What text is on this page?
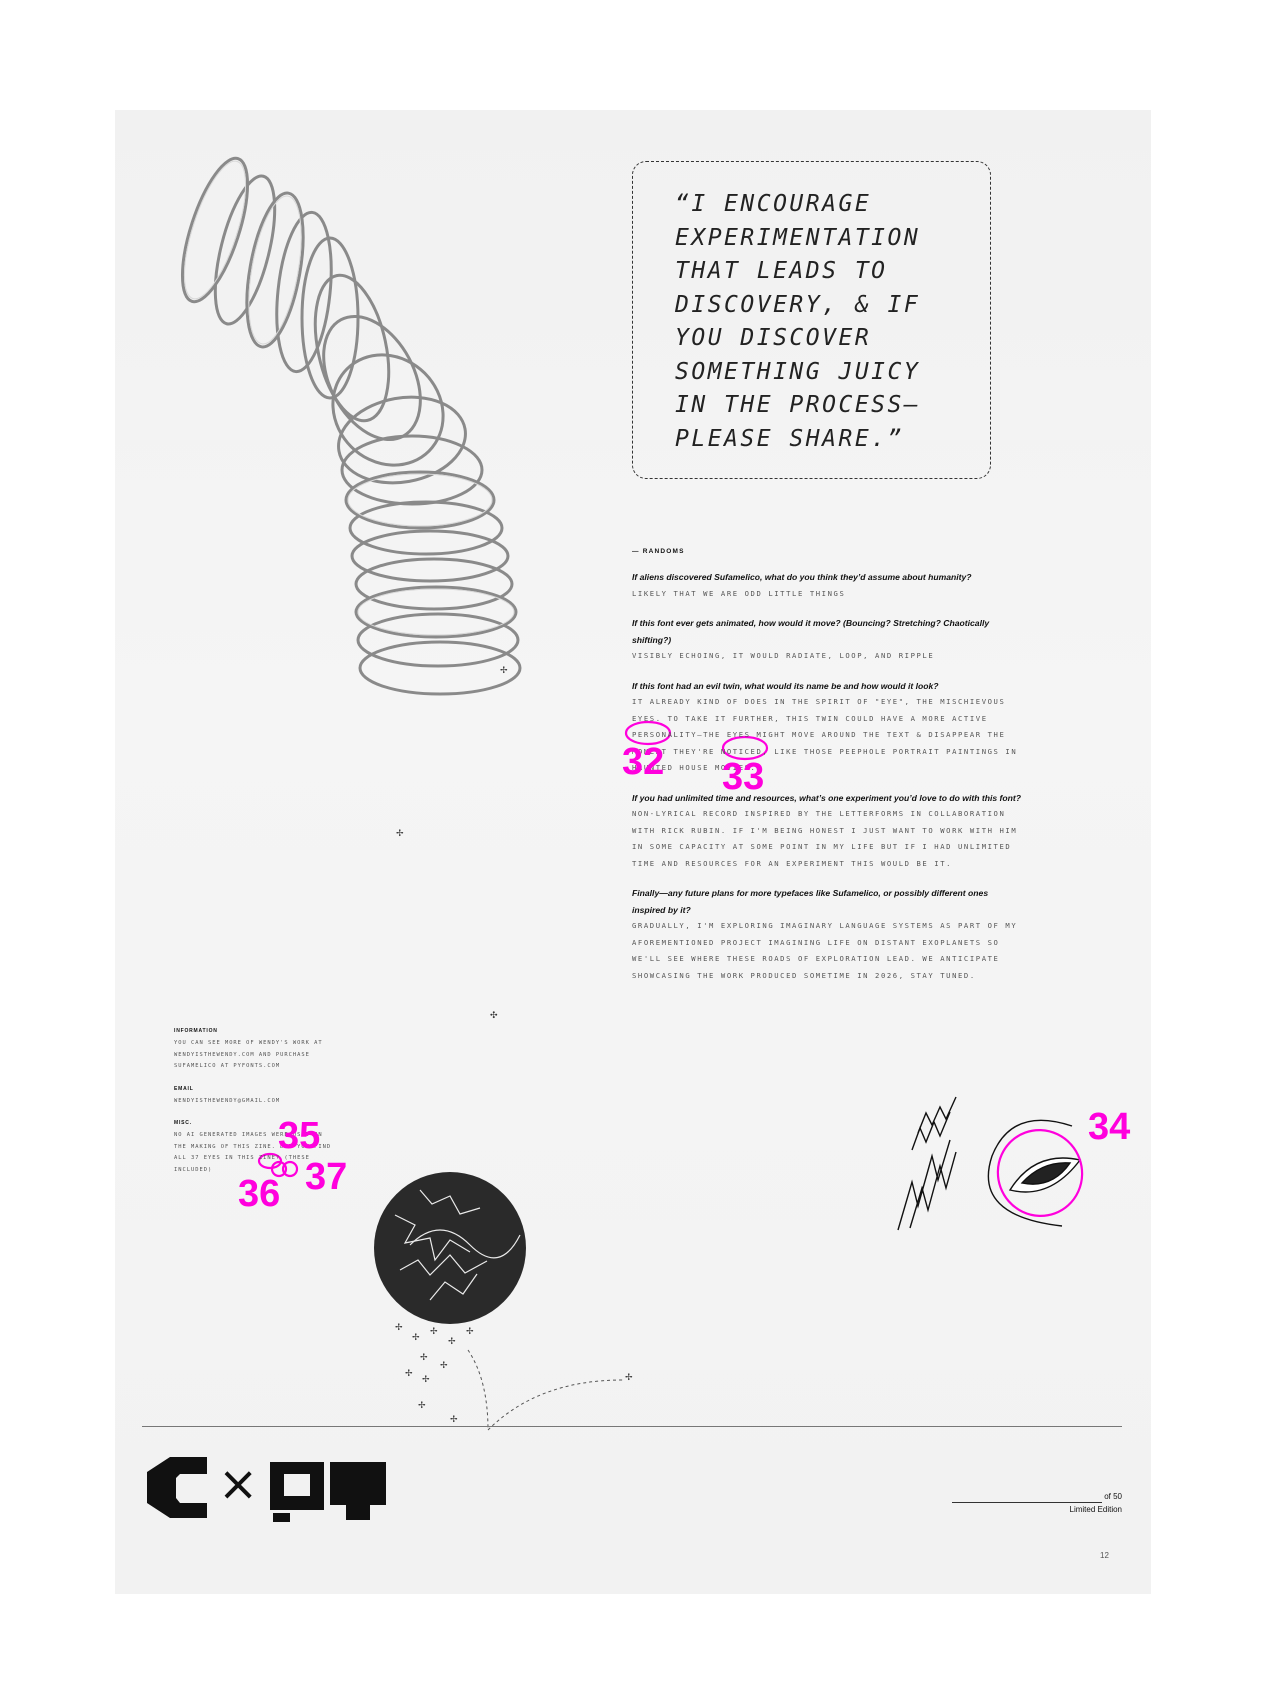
✢
✣
✢
✢
✢
✢
✢
✢
✢
✢
✢
✢
✢
✢
✢

“I ENCOURAGE

EXPERIMENTATION

THAT LEADS TO

DISCOVERY, & IF

YOU DISCOVER

SOMETHING JUICY

IN THE PROCESS—

PLEASE SHARE.”

— RANDOMS

If aliens discovered Sufamelico, what do you think they’d assume about humanity?

LIKELY THAT WE ARE ODD LITTLE THINGS

If this font ever gets animated, how would it move? (Bouncing? Stretching? Chaotically shifting?)

VISIBLY ECHOING, IT WOULD RADIATE, LOOP, AND RIPPLE

If this font had an evil twin, what would its name be and how would it look?

IT ALREADY KIND OF DOES IN THE SPIRIT OF "EYE", THE MISCHIEVOUS EYES. TO TAKE IT FURTHER, THIS TWIN COULD HAVE A MORE ACTIVE PERSONALITY—THE EYES MIGHT MOVE AROUND THE TEXT & DISAPPEAR THE MOMENT THEY'RE NOTICED, LIKE THOSE PEEPHOLE PORTRAIT PAINTINGS IN HAUNTED HOUSE MOVIES.

If you had unlimited time and resources, what’s one experiment you’d love to do with this font?

NON-LYRICAL RECORD INSPIRED BY THE LETTERFORMS IN COLLABORATION WITH RICK RUBIN. IF I'M BEING HONEST I JUST WANT TO WORK WITH HIM IN SOME CAPACITY AT SOME POINT IN MY LIFE BUT IF I HAD UNLIMITED TIME AND RESOURCES FOR AN EXPERIMENT THIS WOULD BE IT.

Finally—any future plans for more typefaces like Sufamelico, or possibly different ones inspired by it?

GRADUALLY, I'M EXPLORING IMAGINARY LANGUAGE SYSTEMS AS PART OF MY AFOREMENTIONED PROJECT IMAGINING LIFE ON DISTANT EXOPLANETS SO WE'LL SEE WHERE THESE ROADS OF EXPLORATION LEAD. WE ANTICIPATE SHOWCASING THE WORK PRODUCED SOMETIME IN 2026, STAY TUNED.

INFORMATION

YOU CAN SEE MORE OF WENDY'S WORK AT WENDYISTHEWENDY.COM AND PURCHASE SUFAMELICO AT PYFONTS.COM

EMAIL

WENDYISTHEWENDY@GMAIL.COM

MISC.

NO AI GENERATED IMAGES WERE USED IN THE MAKING OF THIS ZINE. DID YOU FIND ALL 37 EYES IN THIS ZINE? (THESE INCLUDED)

32 33
34
35
36 37
×	of 50
Limited Edition
12
